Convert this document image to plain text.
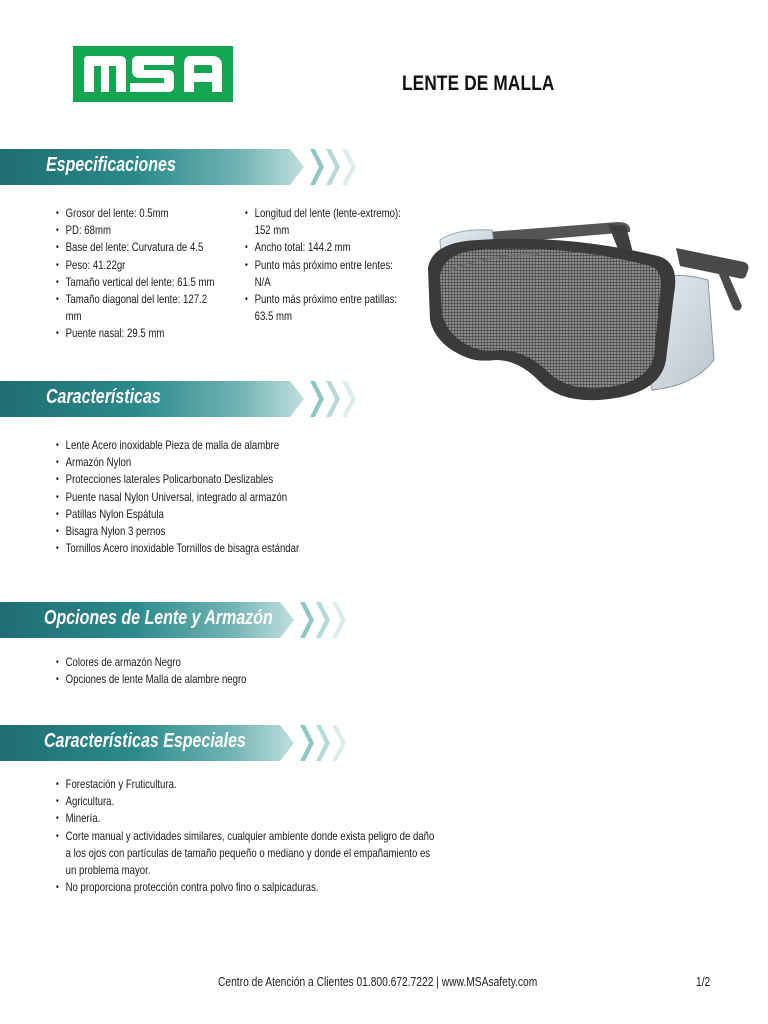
LENTE DE MALLA
Especificaciones
• Grosor del lente: 0.5mm
• PD: 68mm
• Base del lente: Curvatura de 4.5
• Peso: 41.22gr
• Tamaño vertical del lente: 61.5 mm
• Tamaño diagonal del lente: 127.2
mm
• Puente nasal: 29.5 mm
• Longitud del lente (lente-extremo):
152 mm
• Ancho total: 144.2 mm
• Punto más próximo entre lentes:
N/A
• Punto más próximo entre patillas:
63.5 mm
Características
• Lente Acero inoxidable Pieza de malla de alambre
• Armazón Nylon
• Protecciones laterales Policarbonato Deslizables
• Puente nasal Nylon Universal, integrado al armazón
• Patillas Nylon Espátula
• Bisagra Nylon 3 pernos
• Tornillos Acero inoxidable Tornillos de bisagra estándar
Opciones de Lente y Armazón
• Colores de armazón Negro
• Opciones de lente Malla de alambre negro
Características Especiales
• Forestación y Fruticultura.
• Agricultura.
• Minería.
• Corte manual y actividades similares, cualquier ambiente donde exista peligro de daño
a los ojos con partículas de tamaño pequeño o mediano y donde el empañamiento es
un problema mayor.
• No proporciona protección contra polvo fino o salpicaduras.
Centro de Atención a Clientes 01.800.672.7222 | www.MSAsafety.com	1/2
